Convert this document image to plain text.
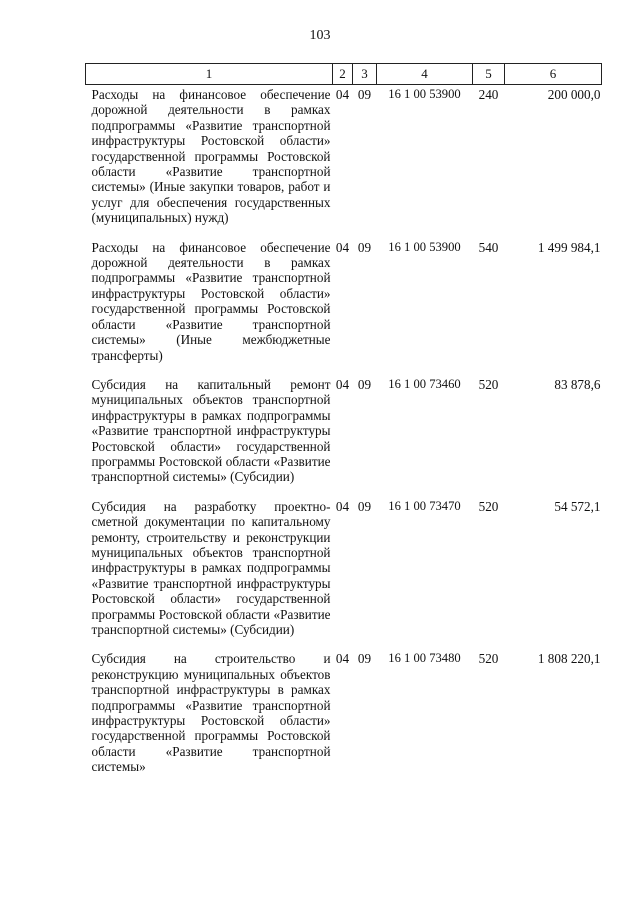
103
1	2	3	4	5	6
Расходы на финансовое обеспечение дорожной деятельности в рамках подпрограммы «Развитие транспортной инфраструктуры Ростовской области» государственной программы Ростовской области «Развитие транспортной системы» (Иные закупки товаров, работ и услуг для обеспечения государственных (муниципальных) нужд)	04	09	16 1 00 53900	240	200 000,0
Расходы на финансовое обеспечение дорожной деятельности в рамках подпрограммы «Развитие транспортной инфраструктуры Ростовской области» государственной программы Ростовской области «Развитие транспортной системы» (Иные межбюджетные трансферты)	04	09	16 1 00 53900	540	1 499 984,1
Субсидия на капитальный ремонт муниципальных объектов транспортной инфраструктуры в рамках подпрограммы «Развитие транспортной инфраструктуры Ростовской области» государственной программы Ростовской области «Развитие транспортной системы» (Субсидии)	04	09	16 1 00 73460	520	83 878,6
Субсидия на разработку проектно-сметной документации по капитальному ремонту, строительству и реконструкции муниципальных объектов транспортной инфраструктуры в рамках подпрограммы «Развитие транспортной инфраструктуры Ростовской области» государственной программы Ростовской области «Развитие транспортной системы» (Субсидии)	04	09	16 1 00 73470	520	54 572,1
Субсидия на строительство и реконструкцию муниципальных объектов транспортной инфраструктуры в рамках подпрограммы «Развитие транспортной инфраструктуры Ростовской области» государственной программы Ростовской области «Развитие транспортной системы»	04	09	16 1 00 73480	520	1 808 220,1
